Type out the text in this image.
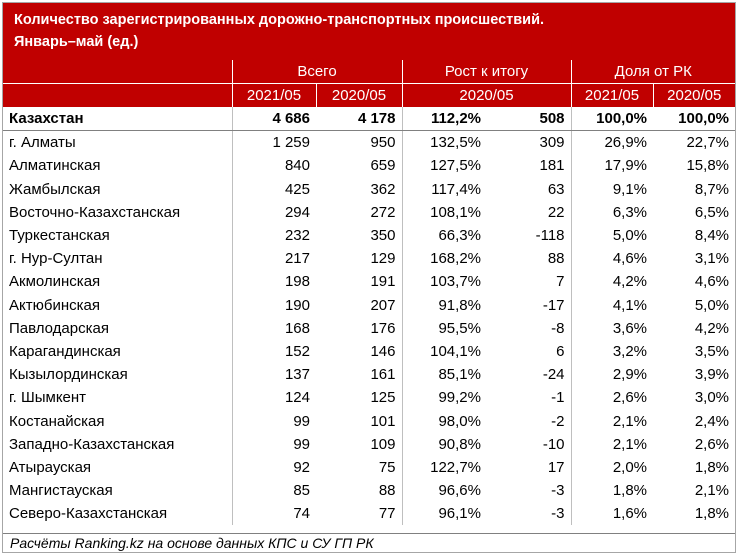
Количество зарегистрированных дорожно-транспортных происшествий.
Январь–май (ед.)
	Всего		Рост к итогу		Доля от РК	
	2021/05	2020/05	2020/05		2021/05	2020/05
Казахстан	4 686	4 178	112,2%	508	100,0%	100,0%
г. Алматы	1 259	950	132,5%	309	26,9%	22,7%
Алматинская	840	659	127,5%	181	17,9%	15,8%
Жамбылская	425	362	117,4%	63	9,1%	8,7%
Восточно-Казахстанская	294	272	108,1%	22	6,3%	6,5%
Туркестанская	232	350	66,3%	-118	5,0%	8,4%
г. Нур-Султан	217	129	168,2%	88	4,6%	3,1%
Акмолинская	198	191	103,7%	7	4,2%	4,6%
Актюбинская	190	207	91,8%	-17	4,1%	5,0%
Павлодарская	168	176	95,5%	-8	3,6%	4,2%
Карагандинская	152	146	104,1%	6	3,2%	3,5%
Кызылординская	137	161	85,1%	-24	2,9%	3,9%
г. Шымкент	124	125	99,2%	-1	2,6%	3,0%
Костанайская	99	101	98,0%	-2	2,1%	2,4%
Западно-Казахстанская	99	109	90,8%	-10	2,1%	2,6%
Атырауская	92	75	122,7%	17	2,0%	1,8%
Мангистауская	85	88	96,6%	-3	1,8%	2,1%
Северо-Казахстанская	74	77	96,1%	-3	1,6%	1,8%
Расчёты Ranking.kz на основе данных КПС и СУ ГП РК
